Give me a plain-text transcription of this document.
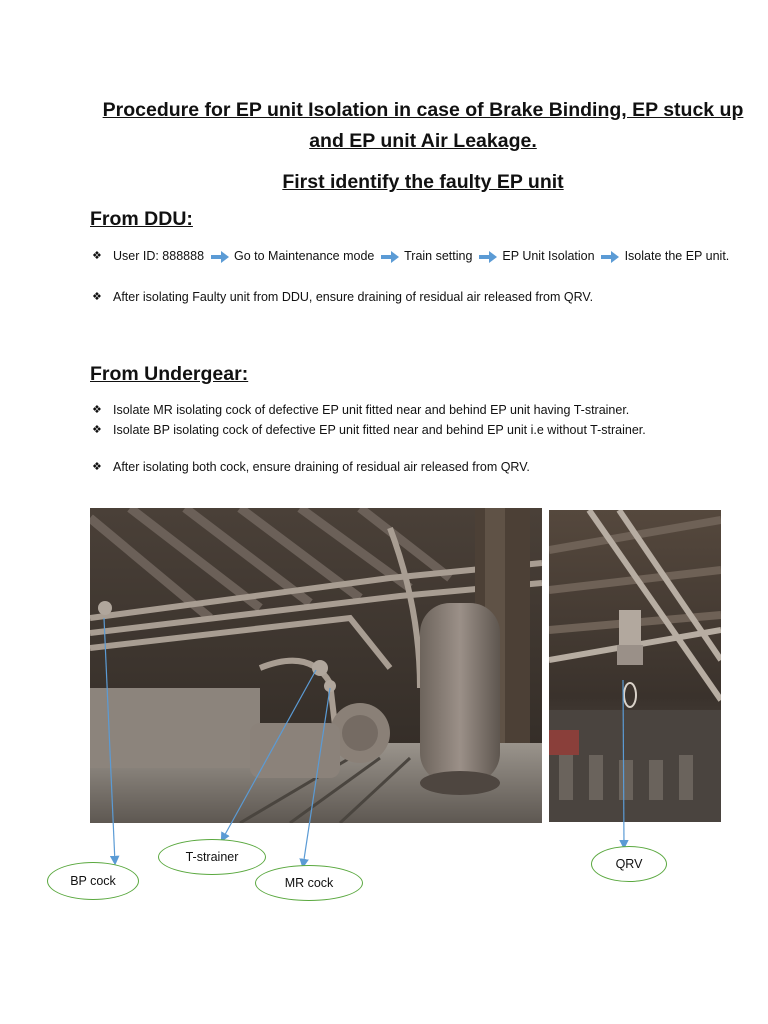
Procedure for EP unit Isolation in case of Brake Binding, EP stuck up
and EP unit Air Leakage.
First identify the faulty EP unit
From DDU:
❖ User ID: 888888 Go to Maintenance mode Train setting EP Unit Isolation Isolate the EP unit.
❖ After isolating Faulty unit from DDU, ensure draining of residual air released from QRV.
From Undergear:
❖ Isolate MR isolating cock of defective EP unit fitted near and behind EP unit having T-strainer.
❖ Isolate BP isolating cock of defective EP unit fitted near and behind EP unit i.e without T-strainer.
❖ After isolating both cock, ensure draining of residual air released from QRV.
BP cock
T-strainer
MR cock
QRV
